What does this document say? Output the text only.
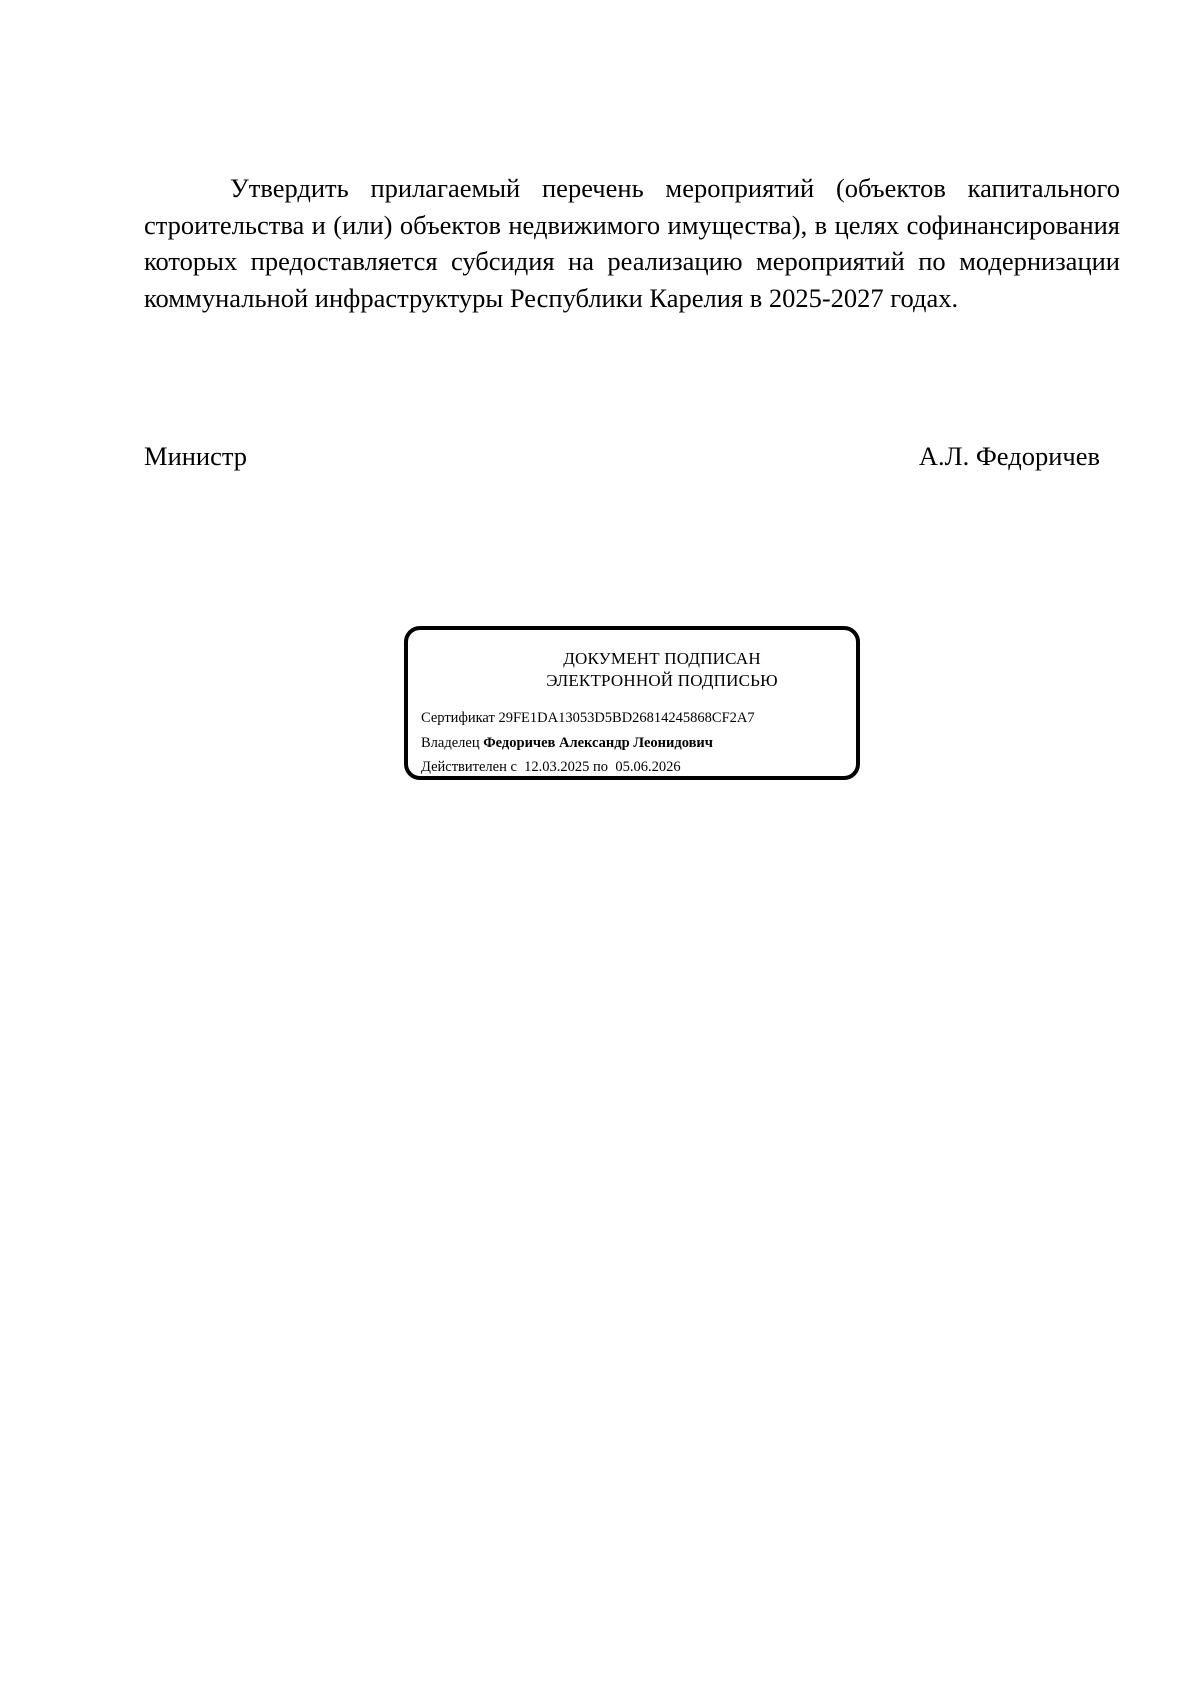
Утвердить прилагаемый перечень мероприятий (объектов капитального строительства и (или) объектов недвижимого имущества), в целях софинансирования которых предоставляется субсидия на реализацию мероприятий по модернизации коммунальной инфраструктуры Республики Карелия в 2025-2027 годах.

Министр	А.Л. Федоричев
ДОКУМЕНТ ПОДПИСАН
ЭЛЕКТРОННОЙ ПОДПИСЬЮ
Сертификат 29FE1DA13053D5BD26814245868CF2A7
Владелец Федоричев Александр Леонидович
Действителен с 12.03.2025 по 05.06.2026
